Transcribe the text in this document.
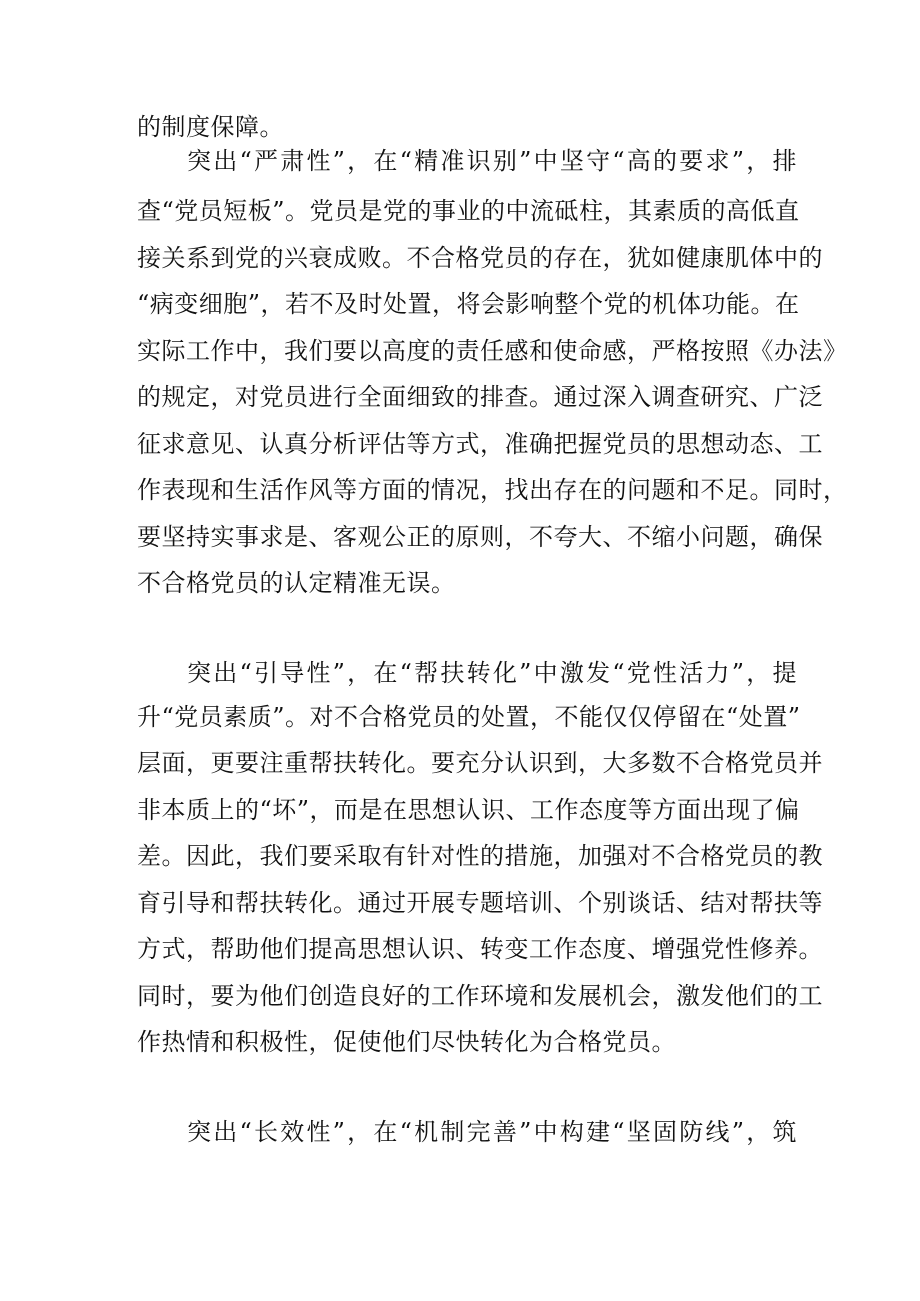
的制度保障。
突出“严肃性”，在“精准识别”中坚守“高的要求”，排
查“党员短板”。党员是党的事业的中流砥柱，其素质的高低直
接关系到党的兴衰成败。不合格党员的存在，犹如健康肌体中的
“病变细胞”，若不及时处置，将会影响整个党的机体功能。在
实际工作中，我们要以高度的责任感和使命感，严格按照《办法》
的规定，对党员进行全面细致的排查。通过深入调查研究、广泛
征求意见、认真分析评估等方式，准确把握党员的思想动态、工
作表现和生活作风等方面的情况，找出存在的问题和不足。同时，
要坚持实事求是、客观公正的原则，不夸大、不缩小问题，确保
不合格党员的认定精准无误。
突出“引导性”，在“帮扶转化”中激发“党性活力”，提
升“党员素质”。对不合格党员的处置，不能仅仅停留在“处置”
层面，更要注重帮扶转化。要充分认识到，大多数不合格党员并
非本质上的“坏”，而是在思想认识、工作态度等方面出现了偏
差。因此，我们要采取有针对性的措施，加强对不合格党员的教
育引导和帮扶转化。通过开展专题培训、个别谈话、结对帮扶等
方式，帮助他们提高思想认识、转变工作态度、增强党性修养。
同时，要为他们创造良好的工作环境和发展机会，激发他们的工
作热情和积极性，促使他们尽快转化为合格党员。
突出“长效性”，在“机制完善”中构建“坚固防线”，筑
